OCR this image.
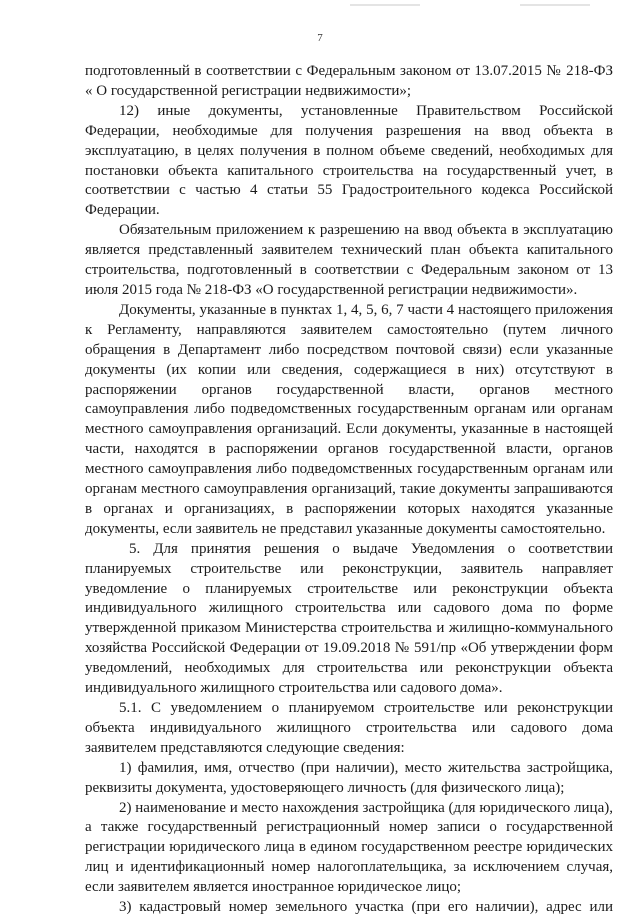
7

подготовленный в соответствии с Федеральным законом от 13.07.2015 № 218-ФЗ « О государственной регистрации недвижимости»;

12) иные документы, установленные Правительством Российской Федерации, необходимые для получения разрешения на ввод объекта в эксплуатацию, в целях получения в полном объеме сведений, необходимых для постановки объекта капитального строительства на государственный учет, в соответствии с частью 4 статьи 55 Градостроительного кодекса Российской Федерации.

Обязательным приложением к разрешению на ввод объекта в эксплуатацию является представленный заявителем технический план объекта капитального строительства, подготовленный в соответствии с Федеральным законом от 13 июля 2015 года № 218-ФЗ «О государственной регистрации недвижимости».

Документы, указанные в пунктах 1, 4, 5, 6, 7 части 4 настоящего приложения к Регламенту, направляются заявителем самостоятельно (путем личного обращения в Департамент либо посредством почтовой связи) если указанные документы (их копии или сведения, содержащиеся в них) отсутствуют в распоряжении органов государственной власти, органов местного самоуправления либо подведомственных государственным органам или органам местного самоуправления организаций. Если документы, указанные в настоящей части, находятся в распоряжении органов государственной власти, органов местного самоуправления либо подведомственных государственным органам или органам местного самоуправления организаций, такие документы запрашиваются в органах и организациях, в распоряжении которых находятся указанные документы, если заявитель не представил указанные документы самостоятельно.

5. Для принятия решения о выдаче Уведомления о соответствии планируемых строительстве или реконструкции, заявитель направляет уведомление о планируемых строительстве или реконструкции объекта индивидуального жилищного строительства или садового дома по форме утвержденной приказом Министерства строительства и жилищно-коммунального хозяйства Российской Федерации от 19.09.2018 № 591/пр «Об утверждении форм уведомлений, необходимых для строительства или реконструкции объекта индивидуального жилищного строительства или садового дома».

5.1. С уведомлением о планируемом строительстве или реконструкции объекта индивидуального жилищного строительства или садового дома заявителем представляются следующие сведения:

1) фамилия, имя, отчество (при наличии), место жительства застройщика, реквизиты документа, удостоверяющего личность (для физического лица);

2) наименование и место нахождения застройщика (для юридического лица), а также государственный регистрационный номер записи о государственной регистрации юридического лица в едином государственном реестре юридических лиц и идентификационный номер налогоплательщика, за исключением случая, если заявителем является иностранное юридическое лицо;

3) кадастровый номер земельного участка (при его наличии), адрес или
